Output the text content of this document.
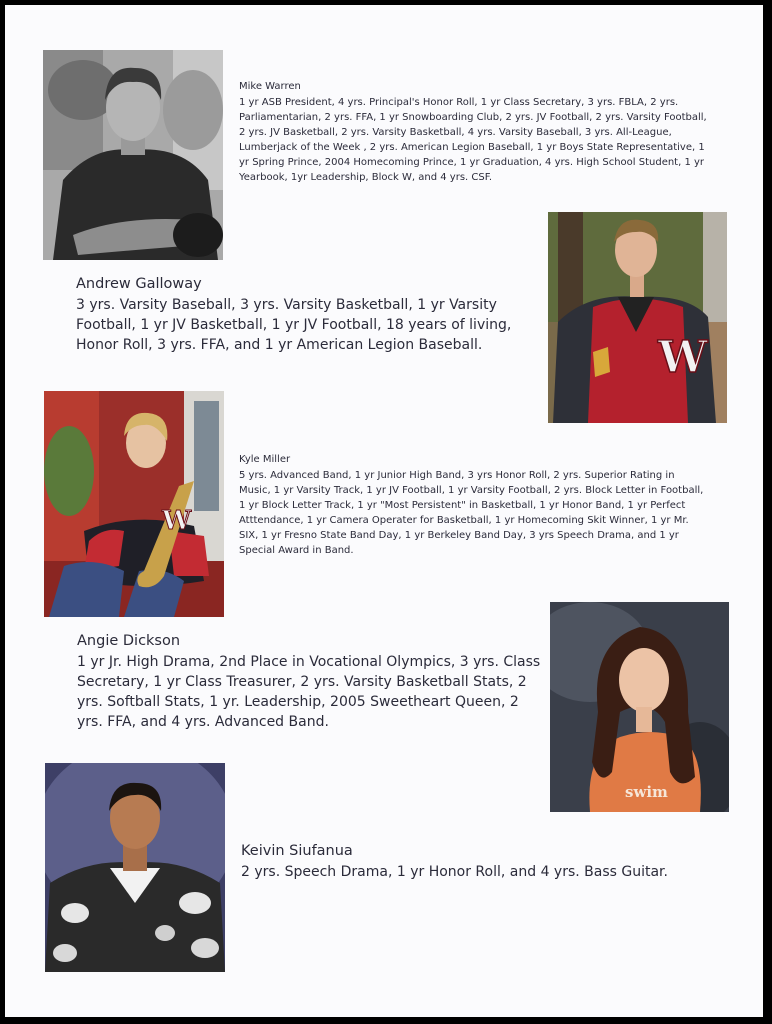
Mike Warren
1 yr ASB President, 4 yrs. Principal's Honor Roll, 1 yr Class Secretary, 3 yrs. FBLA, 2 yrs. Parliamentarian, 2 yrs. FFA, 1 yr Snowboarding Club, 2 yrs. JV Football, 2 yrs. Varsity Football, 2 yrs. JV Basketball, 2 yrs. Varsity Basketball, 4 yrs. Varsity Baseball, 3 yrs. All-League, Lumberjack of the Week , 2 yrs. American Legion Baseball, 1 yr Boys State Representative, 1 yr Spring Prince, 2004 Homecoming Prince, 1 yr Graduation, 4 yrs. High School Student, 1 yr Yearbook, 1yr Leadership, Block W, and 4 yrs. CSF.
W
Andrew Galloway
3 yrs. Varsity Baseball, 3 yrs. Varsity Basketball, 1 yr Varsity Football, 1 yr JV Basketball, 1 yr JV Football, 18 years of living, Honor Roll, 3 yrs. FFA, and 1 yr American Legion Baseball.
W
Kyle Miller
5 yrs. Advanced Band, 1 yr Junior High Band, 3 yrs Honor Roll, 2 yrs. Superior Rating in Music, 1 yr Varsity Track, 1 yr JV Football, 1 yr Varsity Football, 2 yrs. Block Letter in Football, 1 yr Block Letter Track, 1 yr "Most Persistent" in Basketball, 1 yr Honor Band, 1 yr Perfect Atttendance, 1 yr Camera Operater for Basketball, 1 yr Homecoming Skit Winner, 1 yr Mr. SIX, 1 yr Fresno State Band Day, 1 yr Berkeley Band Day, 3 yrs Speech Drama, and 1 yr Special Award in Band.
swim
Angie Dickson
1 yr Jr. High Drama, 2nd Place in Vocational Olympics, 3 yrs. Class Secretary, 1 yr Class Treasurer, 2 yrs. Varsity Basketball Stats, 2 yrs. Softball Stats, 1 yr. Leadership, 2005 Sweetheart Queen, 2 yrs. FFA, and 4 yrs. Advanced Band.
Keivin Siufanua
2 yrs. Speech Drama, 1 yr Honor Roll, and 4 yrs. Bass Guitar.
